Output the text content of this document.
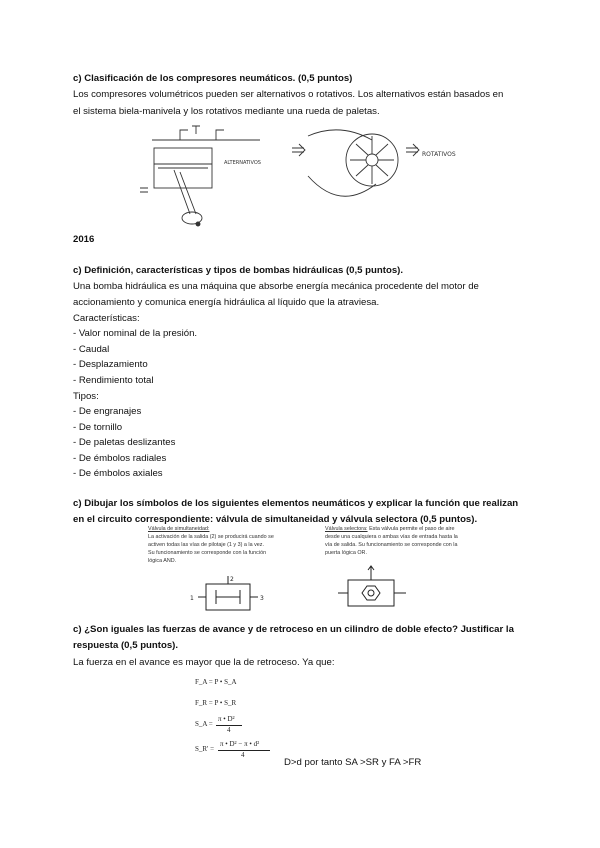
c) Clasificación de los compresores neumáticos. (0,5 puntos)
Los compresores volumétricos pueden ser alternativos o rotativos. Los alternativos están basados en
el sistema biela-manivela y los rotativos mediante una rueda de paletas.
ALTERNATIVOS
ROTATIVOS
2016
c) Definición, características y tipos de bombas hidráulicas (0,5 puntos).
Una bomba hidráulica es una máquina que absorbe energía mecánica procedente del motor de
accionamiento y comunica energía hidráulica al líquido que la atraviesa.
Características:
- Valor nominal de la presión.
- Caudal
- Desplazamiento
- Rendimiento total
Tipos:
- De engranajes
- De tornillo
- De paletas deslizantes
- De émbolos radiales
- De émbolos axiales
c) Dibujar los símbolos de los siguientes elementos neumáticos y explicar la función que realizan
en el circuito correspondiente: válvula de simultaneidad y válvula selectora (0,5 puntos).
Válvula de simultaneidad:
La activación de la salida (2) se producirá cuando se
activen todas las vías de pilotaje (1 y 3) a la vez.
Su funcionamiento se corresponde con la función
lógica AND.
Válvula selectora: Esta válvula permite el paso de aire
desde una cualquiera o ambas vías de entrada hasta la
vía de salida. Su funcionamiento se corresponde con la
puerta lógica OR.
1
2
3
c) ¿Son iguales las fuerzas de avance y de retroceso en un cilindro de doble efecto? Justificar la
respuesta (0,5 puntos).
La fuerza en el avance es mayor que la de retroceso. Ya que:
F_A = P • S_A
F_R = P • S_R
S_A =
π • D²
4
S_R' =
π • D² − π • d²
4
D>d por tanto SA >SR y FA >FR
